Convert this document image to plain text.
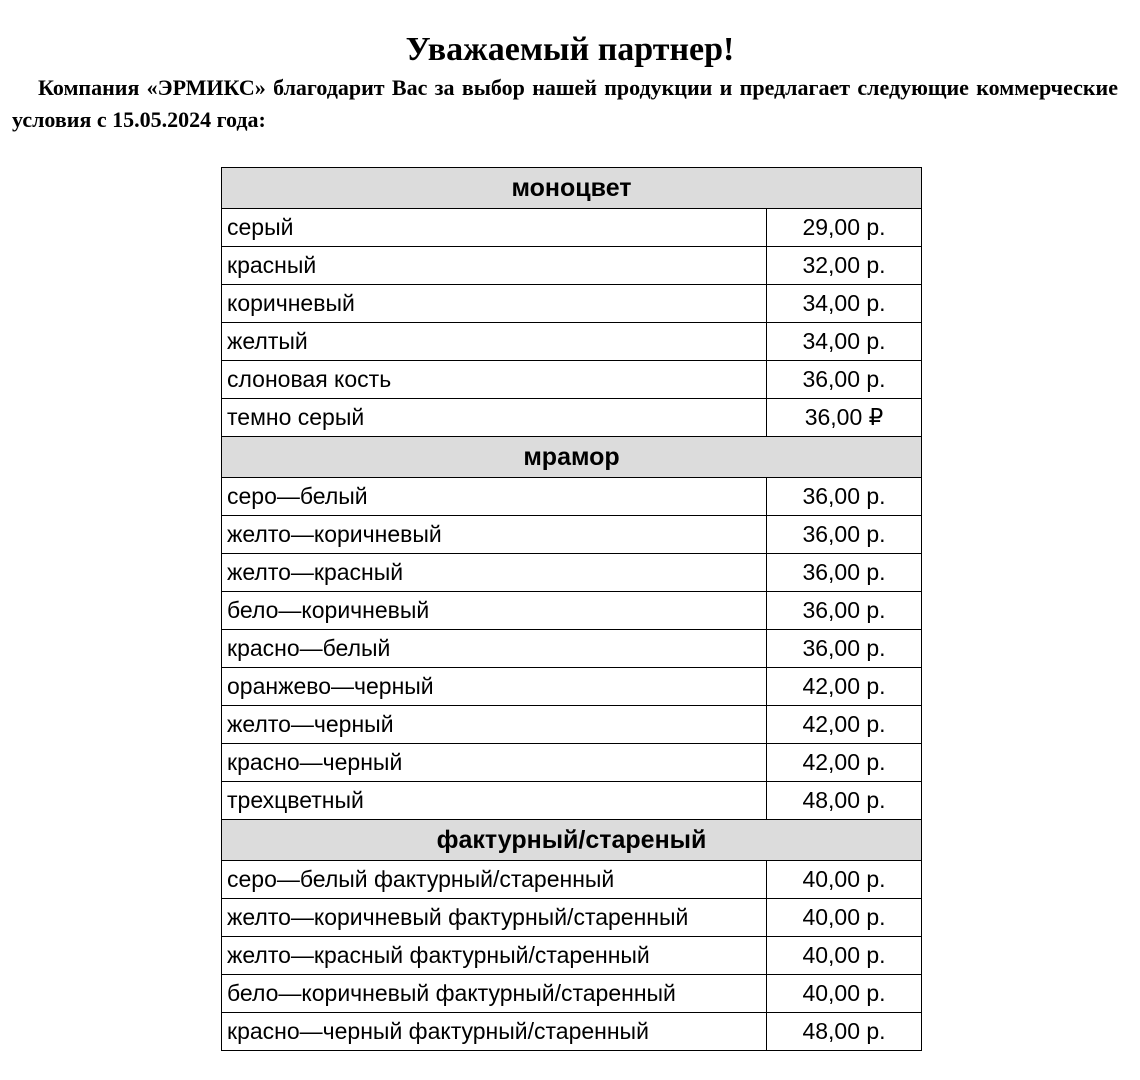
Уважаемый партнер!

Компания «ЭРМИКС» благодарит Вас за выбор нашей продукции и предлагает следующие коммерческие условия с 15.05.2024 года:

моноцвет	
серый	29,00 р.
красный	32,00 р.
коричневый	34,00 р.
желтый	34,00 р.
слоновая кость	36,00 р.
темно серый	36,00 ₽
мрамор	
серо—белый	36,00 р.
желто—коричневый	36,00 р.
желто—красный	36,00 р.
бело—коричневый	36,00 р.
красно—белый	36,00 р.
оранжево—черный	42,00 р.
желто—черный	42,00 р.
красно—черный	42,00 р.
трехцветный	48,00 р.
фактурный/стареный	
серо—белый фактурный/старенный	40,00 р.
желто—коричневый фактурный/старенный	40,00 р.
желто—красный фактурный/старенный	40,00 р.
бело—коричневый фактурный/старенный	40,00 р.
красно—черный фактурный/старенный	48,00 р.
